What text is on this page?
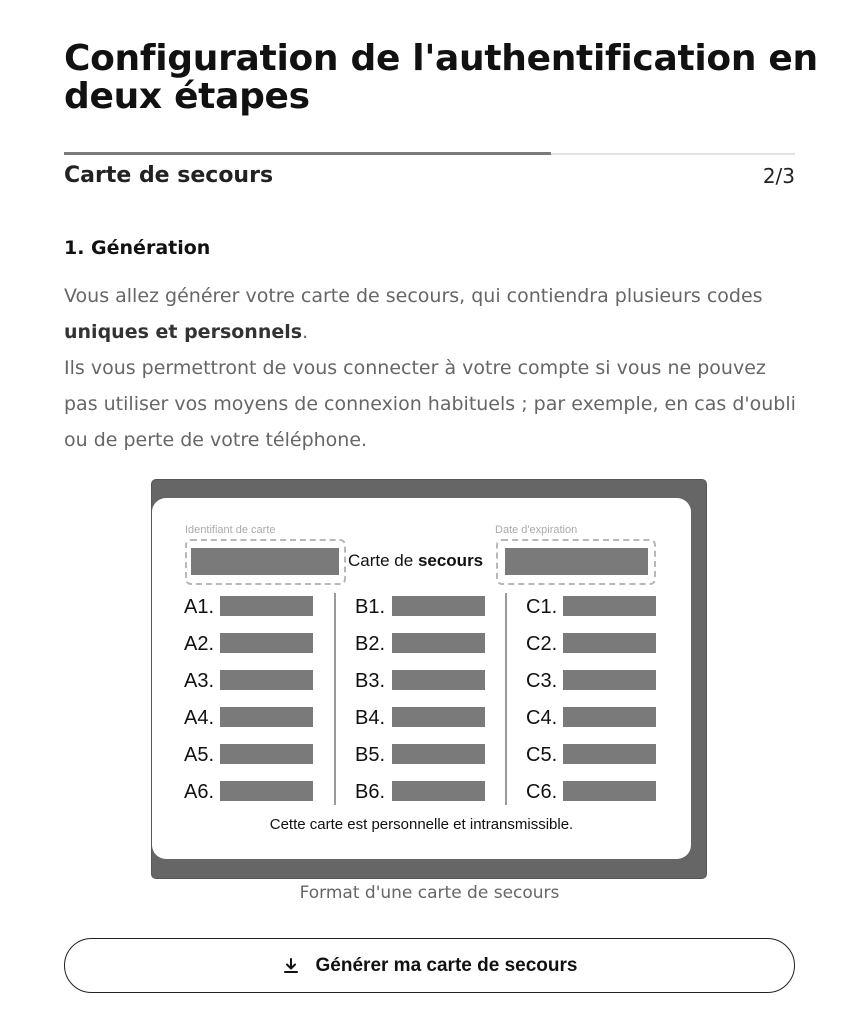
Configuration de l'authentification en deux étapes
Carte de secours	2/3
1. Génération

Vous allez générer votre carte de secours, qui contiendra plusieurs codes uniques et personnels.

Ils vous permettront de vous connecter à votre compte si vous ne pouvez pas utiliser vos moyens de connexion habituels ; par exemple, en cas d'oubli ou de perte de votre téléphone.

Identifiant de carte	Date d'expiration
Carte de secours
A1.
A2.
A3.
A4.
A5.
A6.
B1.
B2.
B3.
B4.
B5.
B6.
C1.
C2.
C3.
C4.
C5.
C6.
Cette carte est personnelle et intransmissible.
Format d'une carte de secours
Générer ma carte de secours
